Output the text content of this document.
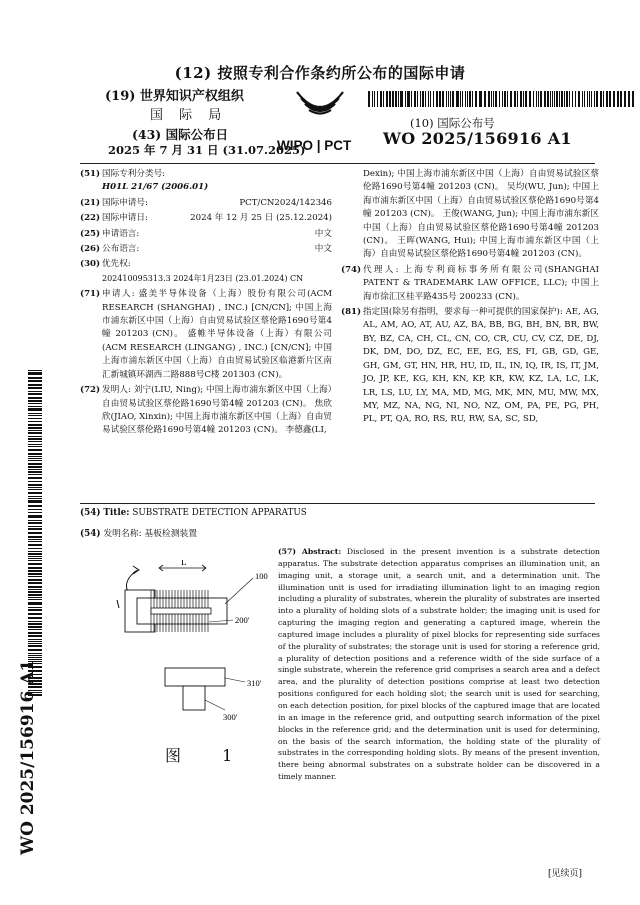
(12) 按照专利合作条约所公布的国际申请
(19) 世界知识产权组织
国 际 局
(43) 国际公布日
2025 年 7 月 31 日 (31.07.2025)
(10) 国际公布号
WO 2025/156916 A1
WO 2025/156916 A1
WIPO | PCT
(51) 国际专利分类号:
H01L 21/67 (2006.01)
(21) 国际申请号:	PCT/CN2024/142346
(22) 国际申请日:	2024 年 12 月 25 日 (25.12.2024)
(25) 申请语言:	中文
(26) 公布语言:	中文
(30) 优先权:
202410095313.3 2024年1月23日 (23.01.2024) CN
(71) 申请人: 盛美半导体设备（上海）股份有限公司(ACM RESEARCH (SHANGHAI) , INC.) [CN/CN]; 中国上海市浦东新区中国（上海）自由贸易试验区蔡伦路1690号第4幢 201203 (CN)。 盛帷半导体设备（上海）有限公司(ACM RESEARCH (LINGANG) , INC.) [CN/CN]; 中国上海市浦东新区中国（上海）自由贸易试验区临港新片区南汇新城镇环湖西二路888号C楼 201303 (CN)。
(72) 发明人: 刘宁(LIU, Ning); 中国上海市浦东新区中国（上海）自由贸易试验区蔡伦路1690号第4幢 201203 (CN)。 焦欣欣(JIAO, Xinxin); 中国上海市浦东新区中国（上海）自由贸易试验区蔡伦路1690号第4幢 201203 (CN)。 李德鑫(LI,
Dexin); 中国上海市浦东新区中国（上海）自由贸易试验区蔡伦路1690号第4幢 201203 (CN)。 吴均(WU, Jun); 中国上海市浦东新区中国（上海）自由贸易试验区蔡伦路1690号第4幢 201203 (CN)。 王俊(WANG, Jun); 中国上海市浦东新区中国（上海）自由贸易试验区蔡伦路1690号第4幢 201203 (CN)。 王晖(WANG, Hui); 中国上海市浦东新区中国（上海）自由贸易试验区蔡伦路1690号第4幢 201203 (CN)。
(74) 代理人: 上海专利商标事务所有限公司(SHANGHAI PATENT & TRADEMARK LAW OFFICE, LLC); 中国上海市徐汇区桂平路435号 200233 (CN)。
(81) 指定国(除另有指明，要求每一种可提供的国家保护): AE, AG, AL, AM, AO, AT, AU, AZ, BA, BB, BG, BH, BN, BR, BW, BY, BZ, CA, CH, CL, CN, CO, CR, CU, CV, CZ, DE, DJ, DK, DM, DO, DZ, EC, EE, EG, ES, FI, GB, GD, GE, GH, GM, GT, HN, HR, HU, ID, IL, IN, IQ, IR, IS, IT, JM, JO, JP, KE, KG, KH, KN, KP, KR, KW, KZ, LA, LC, LK, LR, LS, LU, LY, MA, MD, MG, MK, MN, MU, MW, MX, MY, MZ, NA, NG, NI, NO, NZ, OM, PA, PE, PG, PH, PL, PT, QA, RO, RS, RU, RW, SA, SC, SD,
(54) Title: SUBSTRATE DETECTION APPARATUS
(54) 发明名称: 基板检测装置
L
100
200'
310'
300'
图 1
(57) Abstract: Disclosed in the present invention is a substrate detection apparatus. The substrate detection apparatus comprises an illumination unit, an imaging unit, a storage unit, a search unit, and a determination unit. The illumination unit is used for irradiating illumination light to an imaging region including a plurality of substrates, wherein the plurality of substrates are inserted into a plurality of holding slots of a substrate holder; the imaging unit is used for capturing the imaging region and generating a captured image, wherein the captured image includes a plurality of pixel blocks for representing side surfaces of the plurality of substrates; the storage unit is used for storing a reference grid, a plurality of detection positions and a reference width of the side surface of a single substrate, wherein the reference grid comprises a search area and a defect area, and the plurality of detection positions comprise at least two detection positions configured for each holding slot; the search unit is used for searching, on each detection position, for pixel blocks of the captured image that are located in an image in the reference grid, and outputting search information of the pixel blocks in the reference grid; and the determination unit is used for determining, on the basis of the search information, the holding state of the plurality of substrates in the corresponding holding slots. By means of the present invention, there being abnormal substrates on a substrate holder can be discovered in a timely manner.
[见续页]
